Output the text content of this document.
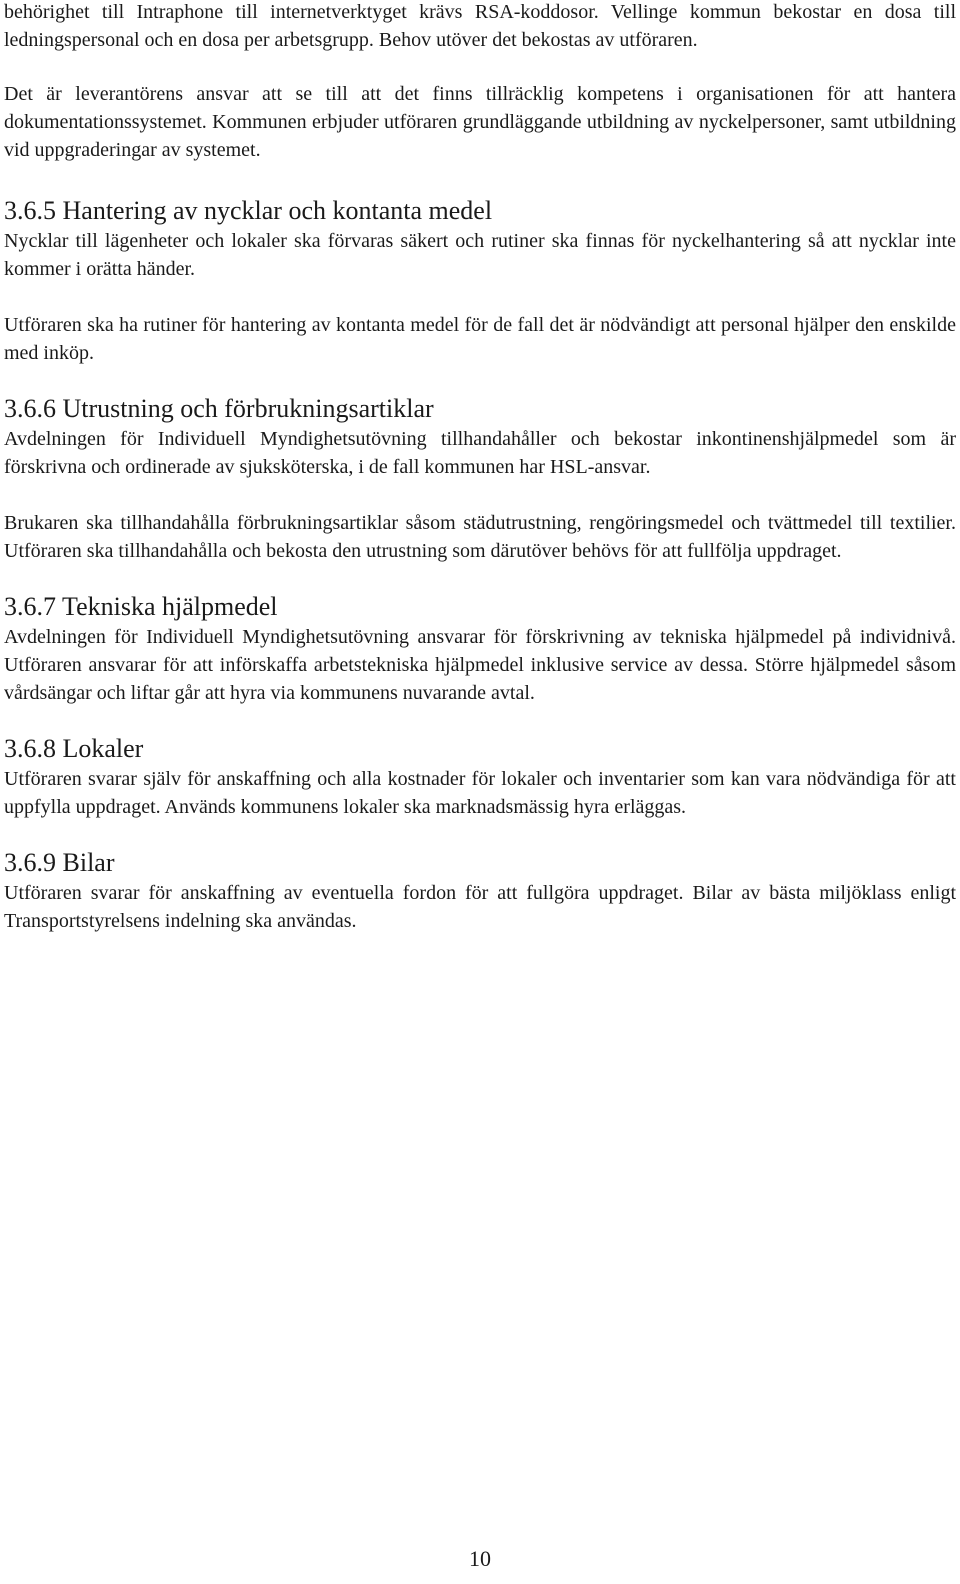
behörighet till Intraphone till internetverktyget krävs RSA-koddosor. Vellinge kommun bekostar en dosa till ledningspersonal och en dosa per arbetsgrupp. Behov utöver det bekostas av utföraren.

Det är leverantörens ansvar att se till att det finns tillräcklig kompetens i organisationen för att hantera dokumentationssystemet. Kommunen erbjuder utföraren grundläggande utbildning av nyckelpersoner, samt utbildning vid uppgraderingar av systemet.

3.6.5 Hantering av nycklar och kontanta medel

Nycklar till lägenheter och lokaler ska förvaras säkert och rutiner ska finnas för nyckelhantering så att nycklar inte kommer i orätta händer.

Utföraren ska ha rutiner för hantering av kontanta medel för de fall det är nödvändigt att personal hjälper den enskilde med inköp.

3.6.6 Utrustning och förbrukningsartiklar

Avdelningen för Individuell Myndighetsutövning tillhandahåller och bekostar inkontinenshjälpmedel som är förskrivna och ordinerade av sjuksköterska, i de fall kommunen har HSL-ansvar.

Brukaren ska tillhandahålla förbrukningsartiklar såsom städutrustning, rengöringsmedel och tvättmedel till textilier. Utföraren ska tillhandahålla och bekosta den utrustning som därutöver behövs för att fullfölja uppdraget.

3.6.7 Tekniska hjälpmedel

Avdelningen för Individuell Myndighetsutövning ansvarar för förskrivning av tekniska hjälpmedel på individnivå. Utföraren ansvarar för att införskaffa arbetstekniska hjälpmedel inklusive service av dessa. Större hjälpmedel såsom vårdsängar och liftar går att hyra via kommunens nuvarande avtal.

3.6.8 Lokaler

Utföraren svarar själv för anskaffning och alla kostnader för lokaler och inventarier som kan vara nödvändiga för att uppfylla uppdraget. Används kommunens lokaler ska marknadsmässig hyra erläggas.

3.6.9 Bilar

Utföraren svarar för anskaffning av eventuella fordon för att fullgöra uppdraget. Bilar av bästa miljöklass enligt Transportstyrelsens indelning ska användas.

10
